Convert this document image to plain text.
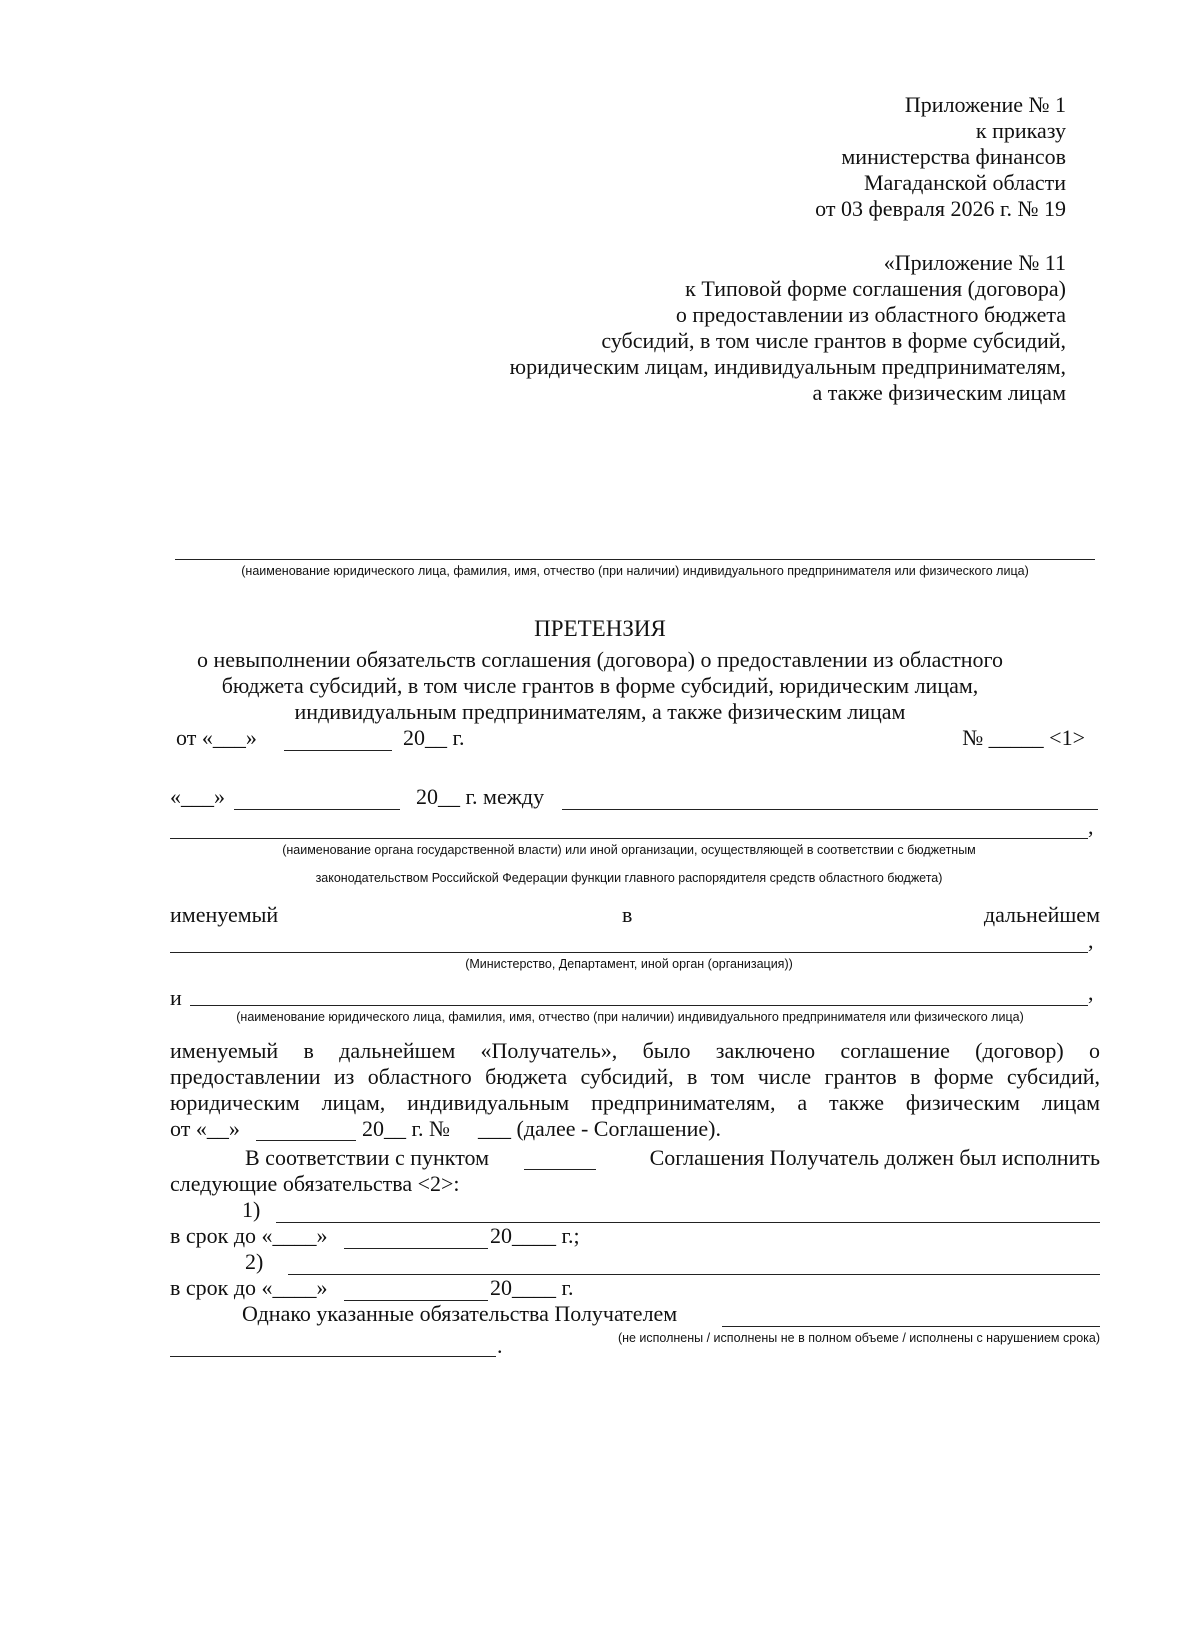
Приложение № 1
к приказу
министерства финансов
Магаданской области
от 03 февраля 2026 г. № 19
«Приложение № 11
к Типовой форме соглашения (договора)
о предоставлении из областного бюджета
субсидий, в том числе грантов в форме субсидий,
юридическим лицам, индивидуальным предпринимателям,
а также физическим лицам
(наименование юридического лица, фамилия, имя, отчество (при наличии) индивидуального предпринимателя или физического лица)
ПРЕТЕНЗИЯ
о невыполнении обязательств соглашения (договора) о предоставлении из областного
бюджета субсидий, в том числе грантов в форме субсидий, юридическим лицам,
индивидуальным предпринимателям, а также физическим лицам
от «___»	20__ г.	№ _____ <1>
«___»	20__ г. между
,
(наименование органа государственной власти) или иной организации, осуществляющей в соответствии с бюджетным
законодательством Российской Федерации функции главного распорядителя средств областного бюджета)
именуемый	в	дальнейшем
,
(Министерство, Департамент, иной орган (организация))
и	,
(наименование юридического лица, фамилия, имя, отчество (при наличии) индивидуального предпринимателя или физического лица)
именуемый в дальнейшем «Получатель», было заключено соглашение (договор) о
предоставлении из областного бюджета субсидий, в том числе грантов в форме субсидий,
юридическим лицам, индивидуальным предпринимателям, а также физическим лицам
от «__»	20__ г. № ___ (далее - Соглашение).
В соответствии с пунктом	Соглашения Получатель должен был исполнить
следующие обязательства <2>:
1)
в срок до «____»	20____ г.;
2)
в срок до «____»	20____ г.
Однако указанные обязательства Получателем
(не исполнены / исполнены не в полном объеме / исполнены с нарушением срока)
.
